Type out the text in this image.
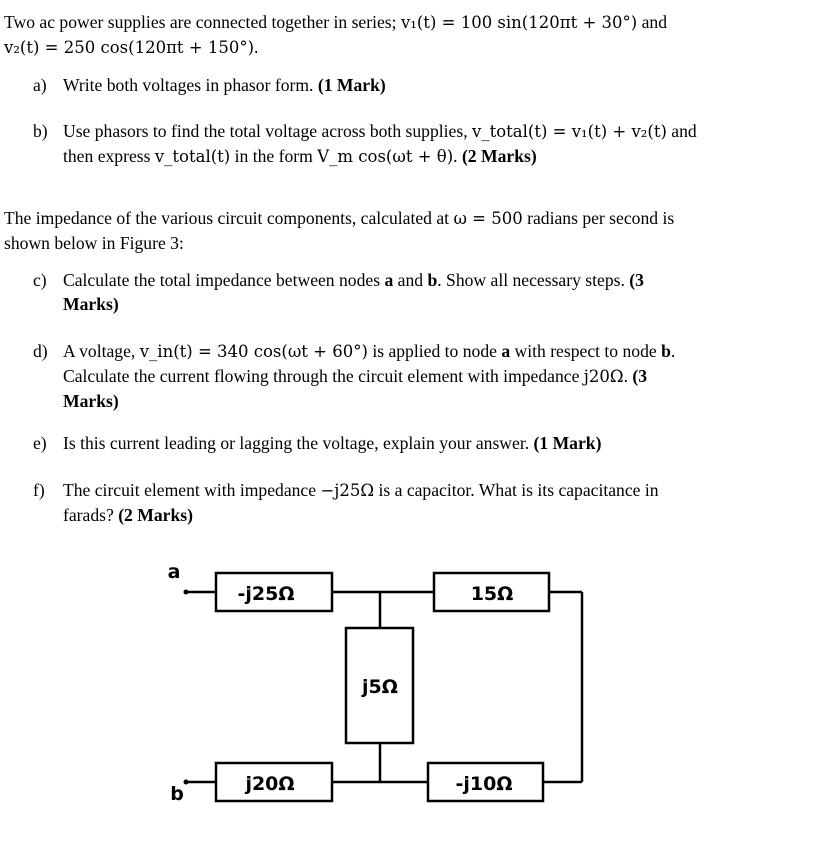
Two ac power supplies are connected together in series; v₁(t) = 100 sin(120πt + 30°) and
v₂(t) = 250 cos(120πt + 150°).
a) Write both voltages in phasor form. (1 Mark)
b) Use phasors to find the total voltage across both supplies, v_total(t) = v₁(t) + v₂(t) and
then express v_total(t) in the form V_m cos(ωt + θ). (2 Marks)
The impedance of the various circuit components, calculated at ω = 500 radians per second is
shown below in Figure 3:
c) Calculate the total impedance between nodes a and b. Show all necessary steps. (3
Marks)
d) A voltage, v_in(t) = 340 cos(ωt + 60°) is applied to node a with respect to node b.
Calculate the current flowing through the circuit element with impedance j20Ω. (3
Marks)
e) Is this current leading or lagging the voltage, explain your answer. (1 Mark)
f) The circuit element with impedance −j25Ω is a capacitor. What is its capacitance in
farads? (2 Marks)
a
b
-j25Ω	15Ω
j5Ω
j20Ω	-j10Ω
